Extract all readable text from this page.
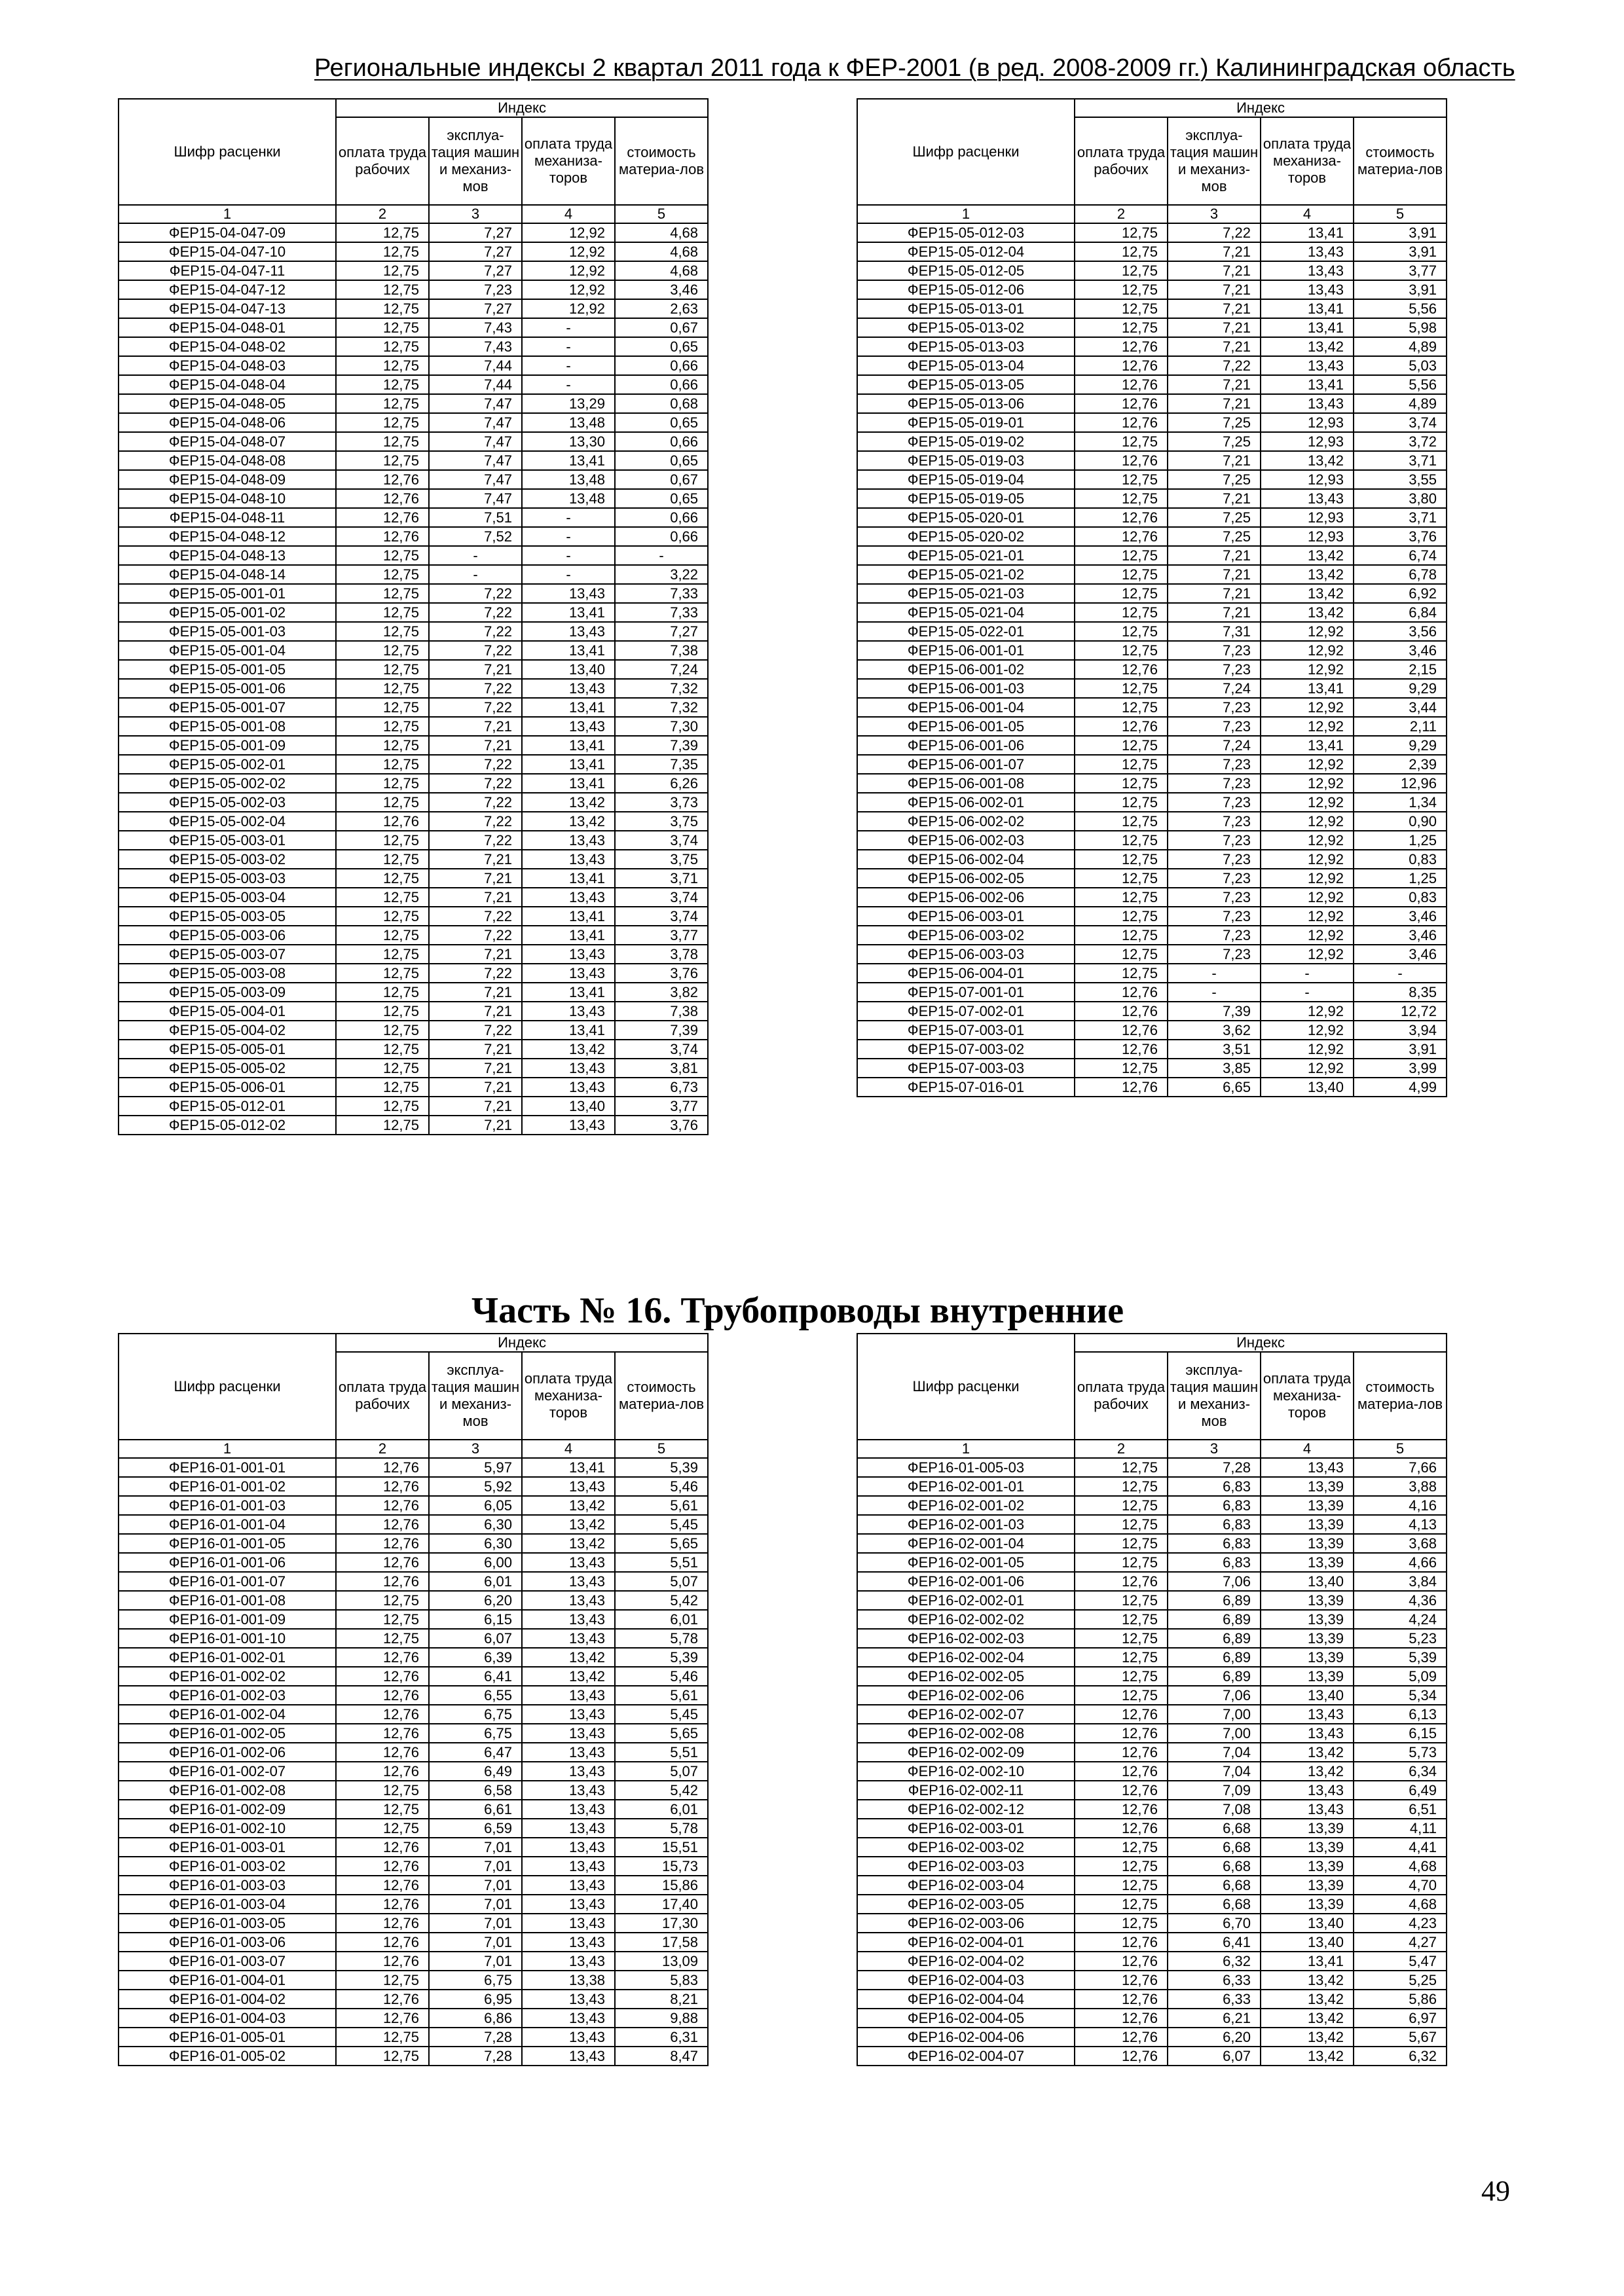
Региональные индексы 2 квартал 2011 года к ФЕР-2001 (в ред. 2008-2009 гг.) Калининградская область
Часть № 16. Трубопроводы внутренние
49
Шифр расценки	Индекс			
	оплата труда рабочих	эксплуа-тация машин и механиз-мов	оплата труда механиза-торов	стоимость материа-лов
1	2	3	4	5
ФЕР15-04-047-09	12,75	7,27	12,92	4,68
ФЕР15-04-047-10	12,75	7,27	12,92	4,68
ФЕР15-04-047-11	12,75	7,27	12,92	4,68
ФЕР15-04-047-12	12,75	7,23	12,92	3,46
ФЕР15-04-047-13	12,75	7,27	12,92	2,63
ФЕР15-04-048-01	12,75	7,43	-	0,67
ФЕР15-04-048-02	12,75	7,43	-	0,65
ФЕР15-04-048-03	12,75	7,44	-	0,66
ФЕР15-04-048-04	12,75	7,44	-	0,66
ФЕР15-04-048-05	12,75	7,47	13,29	0,68
ФЕР15-04-048-06	12,75	7,47	13,48	0,65
ФЕР15-04-048-07	12,75	7,47	13,30	0,66
ФЕР15-04-048-08	12,75	7,47	13,41	0,65
ФЕР15-04-048-09	12,76	7,47	13,48	0,67
ФЕР15-04-048-10	12,76	7,47	13,48	0,65
ФЕР15-04-048-11	12,76	7,51	-	0,66
ФЕР15-04-048-12	12,76	7,52	-	0,66
ФЕР15-04-048-13	12,75	-	-	-
ФЕР15-04-048-14	12,75	-	-	3,22
ФЕР15-05-001-01	12,75	7,22	13,43	7,33
ФЕР15-05-001-02	12,75	7,22	13,41	7,33
ФЕР15-05-001-03	12,75	7,22	13,43	7,27
ФЕР15-05-001-04	12,75	7,22	13,41	7,38
ФЕР15-05-001-05	12,75	7,21	13,40	7,24
ФЕР15-05-001-06	12,75	7,22	13,43	7,32
ФЕР15-05-001-07	12,75	7,22	13,41	7,32
ФЕР15-05-001-08	12,75	7,21	13,43	7,30
ФЕР15-05-001-09	12,75	7,21	13,41	7,39
ФЕР15-05-002-01	12,75	7,22	13,41	7,35
ФЕР15-05-002-02	12,75	7,22	13,41	6,26
ФЕР15-05-002-03	12,75	7,22	13,42	3,73
ФЕР15-05-002-04	12,76	7,22	13,42	3,75
ФЕР15-05-003-01	12,75	7,22	13,43	3,74
ФЕР15-05-003-02	12,75	7,21	13,43	3,75
ФЕР15-05-003-03	12,75	7,21	13,41	3,71
ФЕР15-05-003-04	12,75	7,21	13,43	3,74
ФЕР15-05-003-05	12,75	7,22	13,41	3,74
ФЕР15-05-003-06	12,75	7,22	13,41	3,77
ФЕР15-05-003-07	12,75	7,21	13,43	3,78
ФЕР15-05-003-08	12,75	7,22	13,43	3,76
ФЕР15-05-003-09	12,75	7,21	13,41	3,82
ФЕР15-05-004-01	12,75	7,21	13,43	7,38
ФЕР15-05-004-02	12,75	7,22	13,41	7,39
ФЕР15-05-005-01	12,75	7,21	13,42	3,74
ФЕР15-05-005-02	12,75	7,21	13,43	3,81
ФЕР15-05-006-01	12,75	7,21	13,43	6,73
ФЕР15-05-012-01	12,75	7,21	13,40	3,77
ФЕР15-05-012-02	12,75	7,21	13,43	3,76
Шифр расценки	Индекс			
	оплата труда рабочих	эксплуа-тация машин и механиз-мов	оплата труда механиза-торов	стоимость материа-лов
1	2	3	4	5
ФЕР15-05-012-03	12,75	7,22	13,41	3,91
ФЕР15-05-012-04	12,75	7,21	13,43	3,91
ФЕР15-05-012-05	12,75	7,21	13,43	3,77
ФЕР15-05-012-06	12,75	7,21	13,43	3,91
ФЕР15-05-013-01	12,75	7,21	13,41	5,56
ФЕР15-05-013-02	12,75	7,21	13,41	5,98
ФЕР15-05-013-03	12,76	7,21	13,42	4,89
ФЕР15-05-013-04	12,76	7,22	13,43	5,03
ФЕР15-05-013-05	12,76	7,21	13,41	5,56
ФЕР15-05-013-06	12,76	7,21	13,43	4,89
ФЕР15-05-019-01	12,76	7,25	12,93	3,74
ФЕР15-05-019-02	12,75	7,25	12,93	3,72
ФЕР15-05-019-03	12,76	7,21	13,42	3,71
ФЕР15-05-019-04	12,75	7,25	12,93	3,55
ФЕР15-05-019-05	12,75	7,21	13,43	3,80
ФЕР15-05-020-01	12,76	7,25	12,93	3,71
ФЕР15-05-020-02	12,76	7,25	12,93	3,76
ФЕР15-05-021-01	12,75	7,21	13,42	6,74
ФЕР15-05-021-02	12,75	7,21	13,42	6,78
ФЕР15-05-021-03	12,75	7,21	13,42	6,92
ФЕР15-05-021-04	12,75	7,21	13,42	6,84
ФЕР15-05-022-01	12,75	7,31	12,92	3,56
ФЕР15-06-001-01	12,75	7,23	12,92	3,46
ФЕР15-06-001-02	12,76	7,23	12,92	2,15
ФЕР15-06-001-03	12,75	7,24	13,41	9,29
ФЕР15-06-001-04	12,75	7,23	12,92	3,44
ФЕР15-06-001-05	12,76	7,23	12,92	2,11
ФЕР15-06-001-06	12,75	7,24	13,41	9,29
ФЕР15-06-001-07	12,75	7,23	12,92	2,39
ФЕР15-06-001-08	12,75	7,23	12,92	12,96
ФЕР15-06-002-01	12,75	7,23	12,92	1,34
ФЕР15-06-002-02	12,75	7,23	12,92	0,90
ФЕР15-06-002-03	12,75	7,23	12,92	1,25
ФЕР15-06-002-04	12,75	7,23	12,92	0,83
ФЕР15-06-002-05	12,75	7,23	12,92	1,25
ФЕР15-06-002-06	12,75	7,23	12,92	0,83
ФЕР15-06-003-01	12,75	7,23	12,92	3,46
ФЕР15-06-003-02	12,75	7,23	12,92	3,46
ФЕР15-06-003-03	12,75	7,23	12,92	3,46
ФЕР15-06-004-01	12,75	-	-	-
ФЕР15-07-001-01	12,76	-	-	8,35
ФЕР15-07-002-01	12,76	7,39	12,92	12,72
ФЕР15-07-003-01	12,76	3,62	12,92	3,94
ФЕР15-07-003-02	12,76	3,51	12,92	3,91
ФЕР15-07-003-03	12,75	3,85	12,92	3,99
ФЕР15-07-016-01	12,76	6,65	13,40	4,99
Шифр расценки	Индекс			
	оплата труда рабочих	эксплуа-тация машин и механиз-мов	оплата труда механиза-торов	стоимость материа-лов
1	2	3	4	5
ФЕР16-01-001-01	12,76	5,97	13,41	5,39
ФЕР16-01-001-02	12,76	5,92	13,43	5,46
ФЕР16-01-001-03	12,76	6,05	13,42	5,61
ФЕР16-01-001-04	12,76	6,30	13,42	5,45
ФЕР16-01-001-05	12,76	6,30	13,42	5,65
ФЕР16-01-001-06	12,76	6,00	13,43	5,51
ФЕР16-01-001-07	12,76	6,01	13,43	5,07
ФЕР16-01-001-08	12,75	6,20	13,43	5,42
ФЕР16-01-001-09	12,75	6,15	13,43	6,01
ФЕР16-01-001-10	12,75	6,07	13,43	5,78
ФЕР16-01-002-01	12,76	6,39	13,42	5,39
ФЕР16-01-002-02	12,76	6,41	13,42	5,46
ФЕР16-01-002-03	12,76	6,55	13,43	5,61
ФЕР16-01-002-04	12,76	6,75	13,43	5,45
ФЕР16-01-002-05	12,76	6,75	13,43	5,65
ФЕР16-01-002-06	12,76	6,47	13,43	5,51
ФЕР16-01-002-07	12,76	6,49	13,43	5,07
ФЕР16-01-002-08	12,75	6,58	13,43	5,42
ФЕР16-01-002-09	12,75	6,61	13,43	6,01
ФЕР16-01-002-10	12,75	6,59	13,43	5,78
ФЕР16-01-003-01	12,76	7,01	13,43	15,51
ФЕР16-01-003-02	12,76	7,01	13,43	15,73
ФЕР16-01-003-03	12,76	7,01	13,43	15,86
ФЕР16-01-003-04	12,76	7,01	13,43	17,40
ФЕР16-01-003-05	12,76	7,01	13,43	17,30
ФЕР16-01-003-06	12,76	7,01	13,43	17,58
ФЕР16-01-003-07	12,76	7,01	13,43	13,09
ФЕР16-01-004-01	12,75	6,75	13,38	5,83
ФЕР16-01-004-02	12,76	6,95	13,43	8,21
ФЕР16-01-004-03	12,76	6,86	13,43	9,88
ФЕР16-01-005-01	12,75	7,28	13,43	6,31
ФЕР16-01-005-02	12,75	7,28	13,43	8,47
Шифр расценки	Индекс			
	оплата труда рабочих	эксплуа-тация машин и механиз-мов	оплата труда механиза-торов	стоимость материа-лов
1	2	3	4	5
ФЕР16-01-005-03	12,75	7,28	13,43	7,66
ФЕР16-02-001-01	12,75	6,83	13,39	3,88
ФЕР16-02-001-02	12,75	6,83	13,39	4,16
ФЕР16-02-001-03	12,75	6,83	13,39	4,13
ФЕР16-02-001-04	12,75	6,83	13,39	3,68
ФЕР16-02-001-05	12,75	6,83	13,39	4,66
ФЕР16-02-001-06	12,76	7,06	13,40	3,84
ФЕР16-02-002-01	12,75	6,89	13,39	4,36
ФЕР16-02-002-02	12,75	6,89	13,39	4,24
ФЕР16-02-002-03	12,75	6,89	13,39	5,23
ФЕР16-02-002-04	12,75	6,89	13,39	5,39
ФЕР16-02-002-05	12,75	6,89	13,39	5,09
ФЕР16-02-002-06	12,75	7,06	13,40	5,34
ФЕР16-02-002-07	12,76	7,00	13,43	6,13
ФЕР16-02-002-08	12,76	7,00	13,43	6,15
ФЕР16-02-002-09	12,76	7,04	13,42	5,73
ФЕР16-02-002-10	12,76	7,04	13,42	6,34
ФЕР16-02-002-11	12,76	7,09	13,43	6,49
ФЕР16-02-002-12	12,76	7,08	13,43	6,51
ФЕР16-02-003-01	12,76	6,68	13,39	4,11
ФЕР16-02-003-02	12,75	6,68	13,39	4,41
ФЕР16-02-003-03	12,75	6,68	13,39	4,68
ФЕР16-02-003-04	12,75	6,68	13,39	4,70
ФЕР16-02-003-05	12,75	6,68	13,39	4,68
ФЕР16-02-003-06	12,75	6,70	13,40	4,23
ФЕР16-02-004-01	12,76	6,41	13,40	4,27
ФЕР16-02-004-02	12,76	6,32	13,41	5,47
ФЕР16-02-004-03	12,76	6,33	13,42	5,25
ФЕР16-02-004-04	12,76	6,33	13,42	5,86
ФЕР16-02-004-05	12,76	6,21	13,42	6,97
ФЕР16-02-004-06	12,76	6,20	13,42	5,67
ФЕР16-02-004-07	12,76	6,07	13,42	6,32
